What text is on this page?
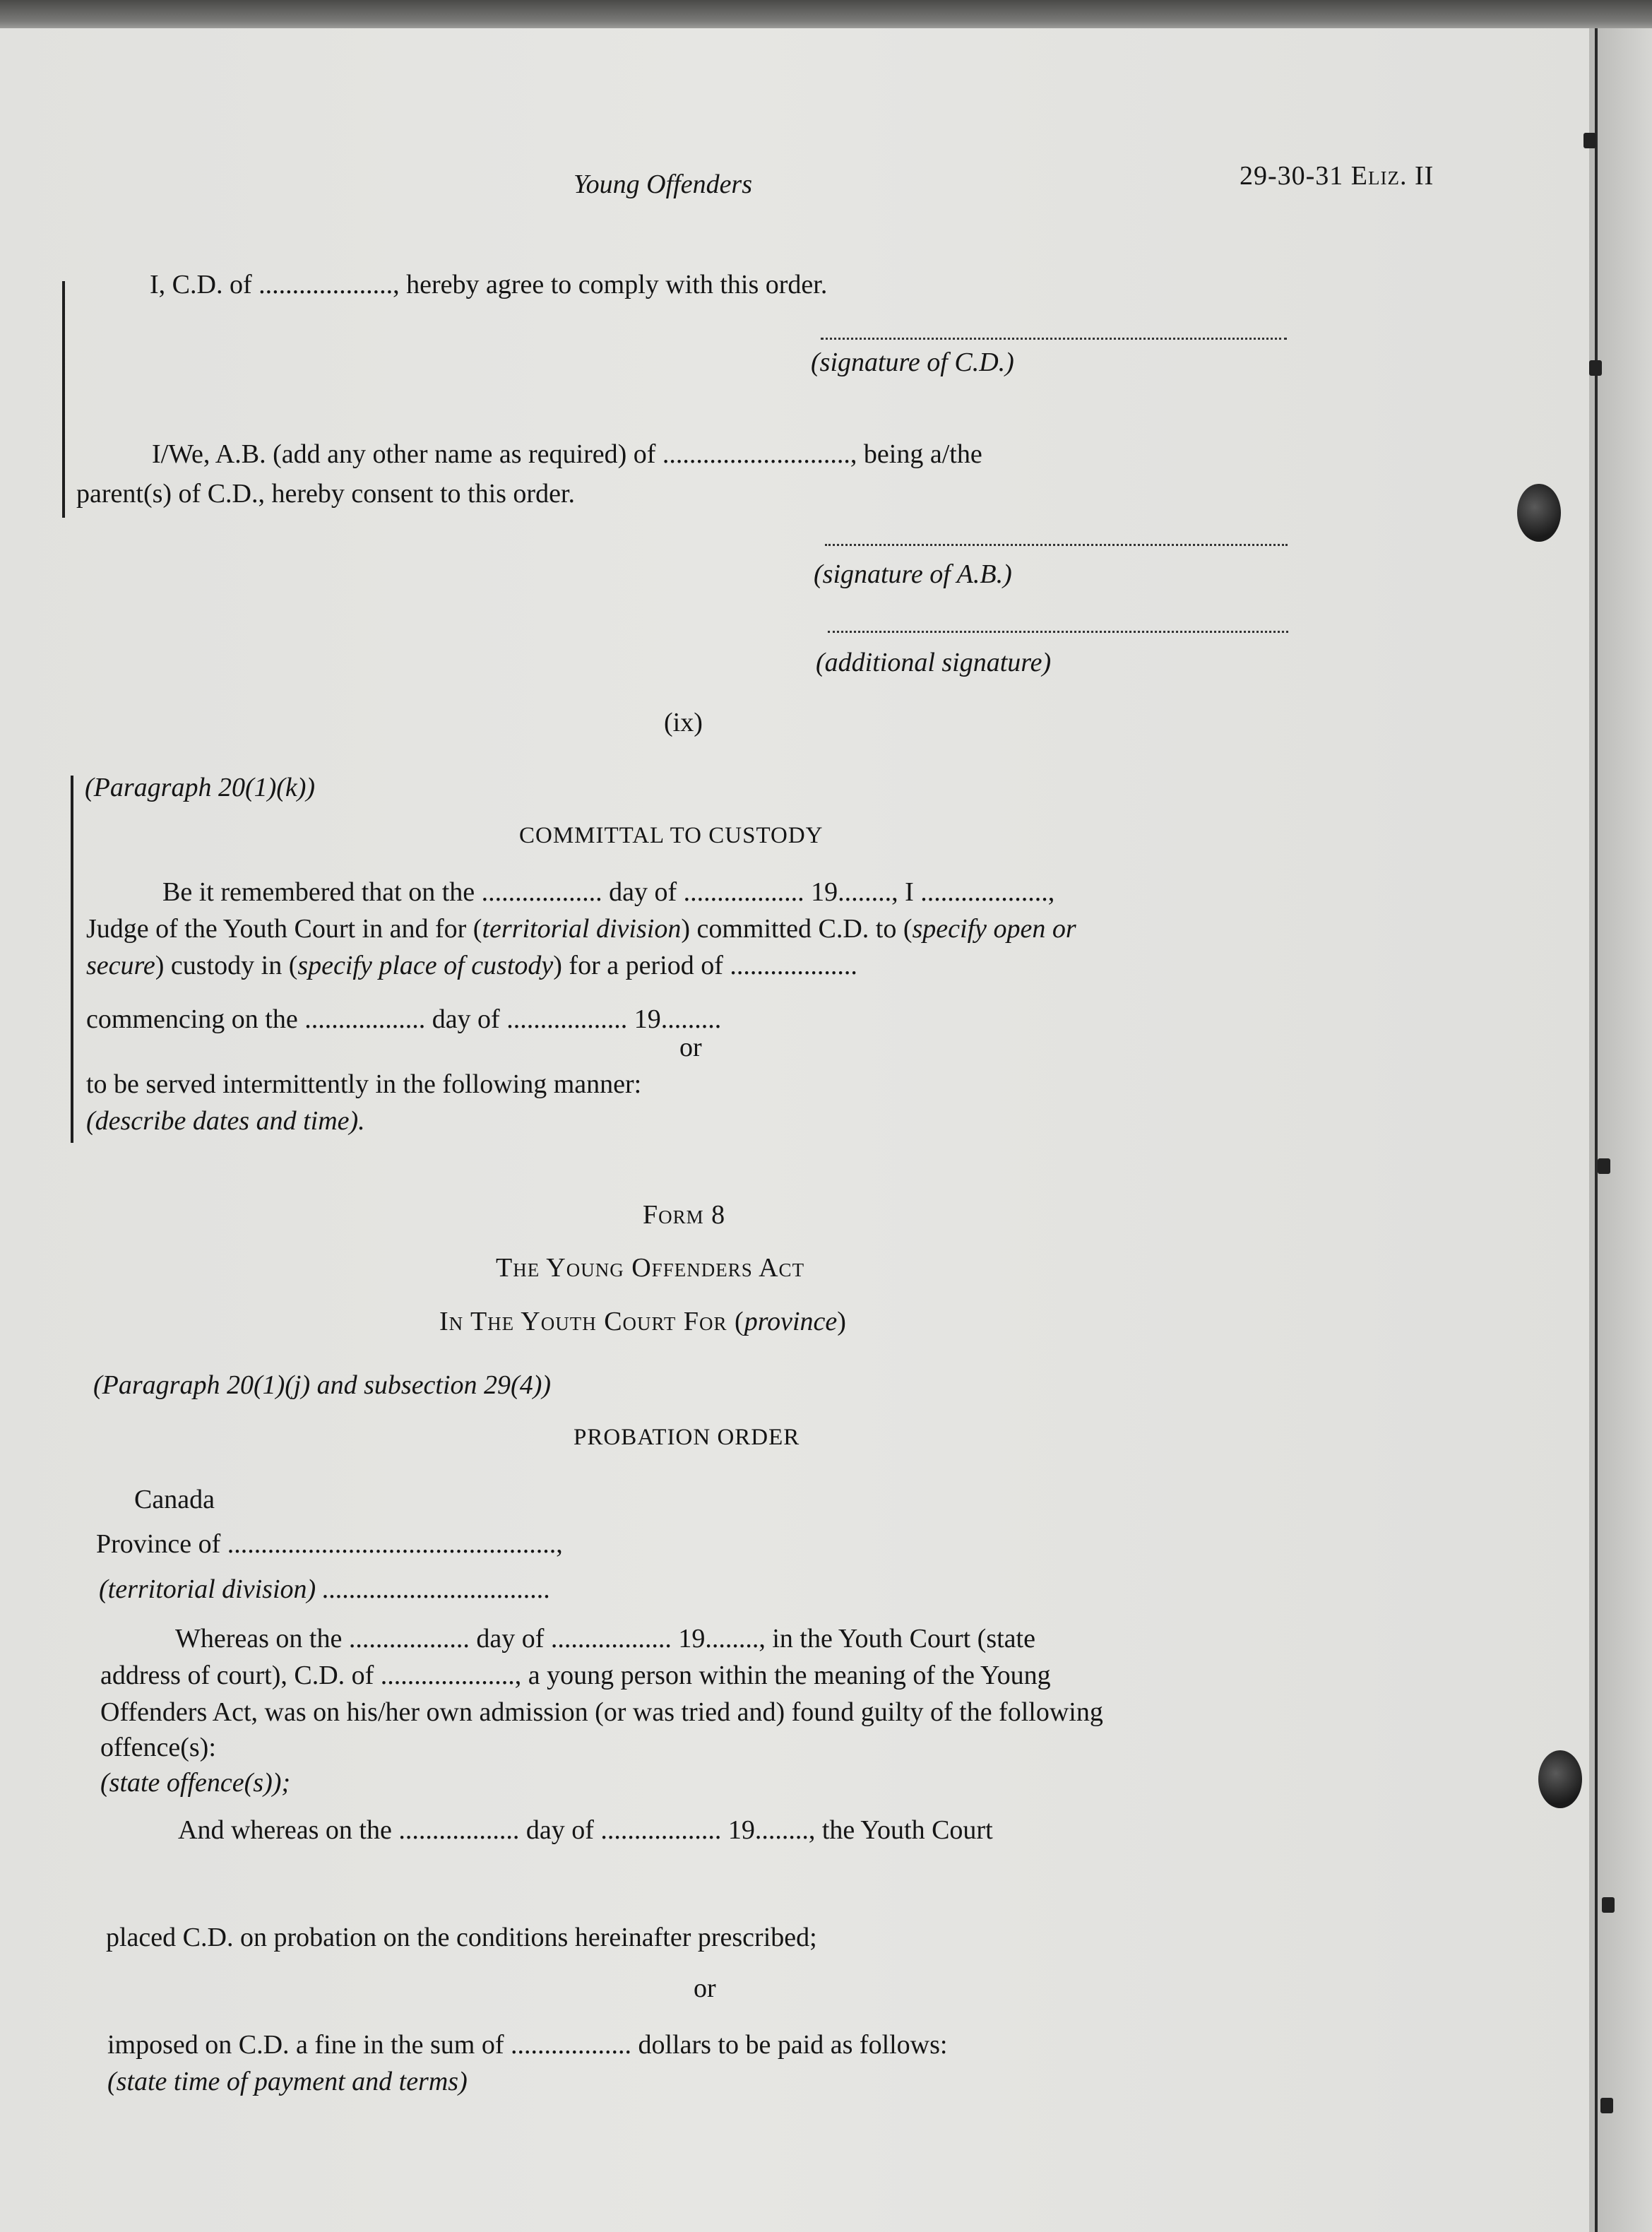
Young Offenders	29-30-31 Eliz. II
I, C.D. of ...................., hereby agree to comply with this order.
(signature of C.D.)
I/We, A.B. (add any other name as required) of ............................, being a/the
parent(s) of C.D., hereby consent to this order.
(signature of A.B.)
(additional signature)
(ix)
(Paragraph 20(1)(k))
COMMITTAL TO CUSTODY
Be it remembered that on the .................. day of .................. 19........, I ...................,
Judge of the Youth Court in and for (territorial division) committed C.D. to (specify open or
secure) custody in (specify place of custody) for a period of ...................
commencing on the .................. day of .................. 19.........
or
to be served intermittently in the following manner:
(describe dates and time).
Form 8
The Young Offenders Act
In The Youth Court For (province)
(Paragraph 20(1)(j) and subsection 29(4))
PROBATION ORDER
Canada
Province of .................................................,
(territorial division) ..................................
Whereas on the .................. day of .................. 19........, in the Youth Court (state
address of court), C.D. of ...................., a young person within the meaning of the Young
Offenders Act, was on his/her own admission (or was tried and) found guilty of the following
offence(s):
(state offence(s));
And whereas on the .................. day of .................. 19........, the Youth Court
placed C.D. on probation on the conditions hereinafter prescribed;
or
imposed on C.D. a fine in the sum of .................. dollars to be paid as follows:
(state time of payment and terms)
